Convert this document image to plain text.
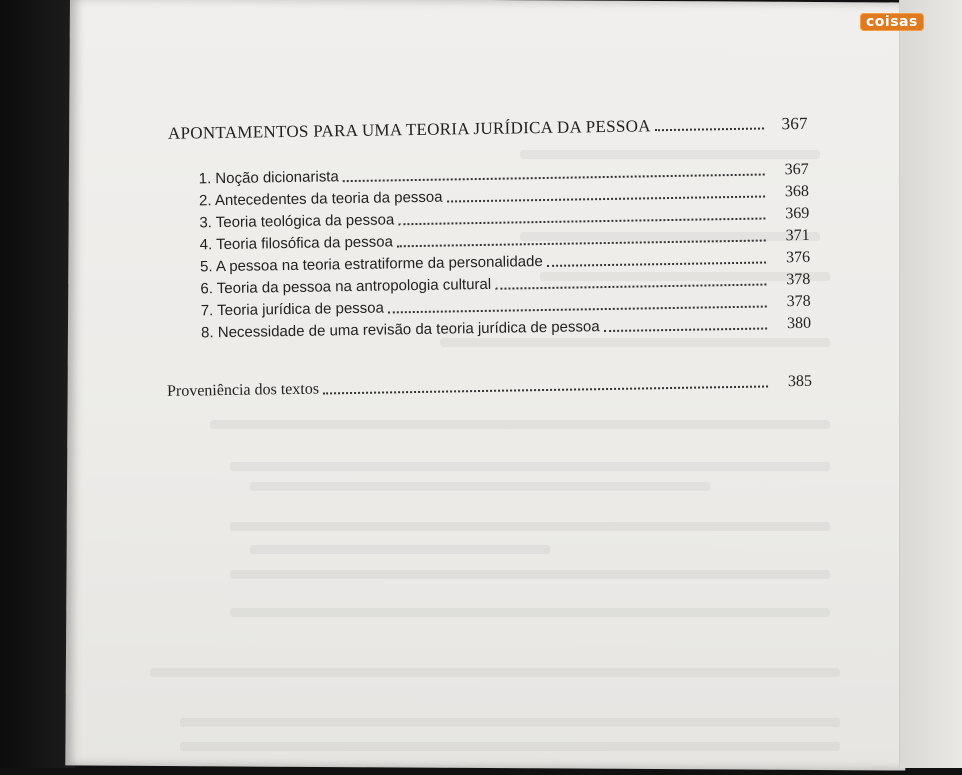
coisas
APONTAMENTOS PARA UMA TEORIA JURÍDICA DA PESSOA	367
1. Noção dicionarista	367
2. Antecedentes da teoria da pessoa	368
3. Teoria teológica da pessoa	369
4. Teoria filosófica da pessoa	371
5. A pessoa na teoria estratiforme da personalidade	376
6. Teoria da pessoa na antropologia cultural	378
7. Teoria jurídica de pessoa	378
8. Necessidade de uma revisão da teoria jurídica de pessoa	380
Proveniência dos textos	385
